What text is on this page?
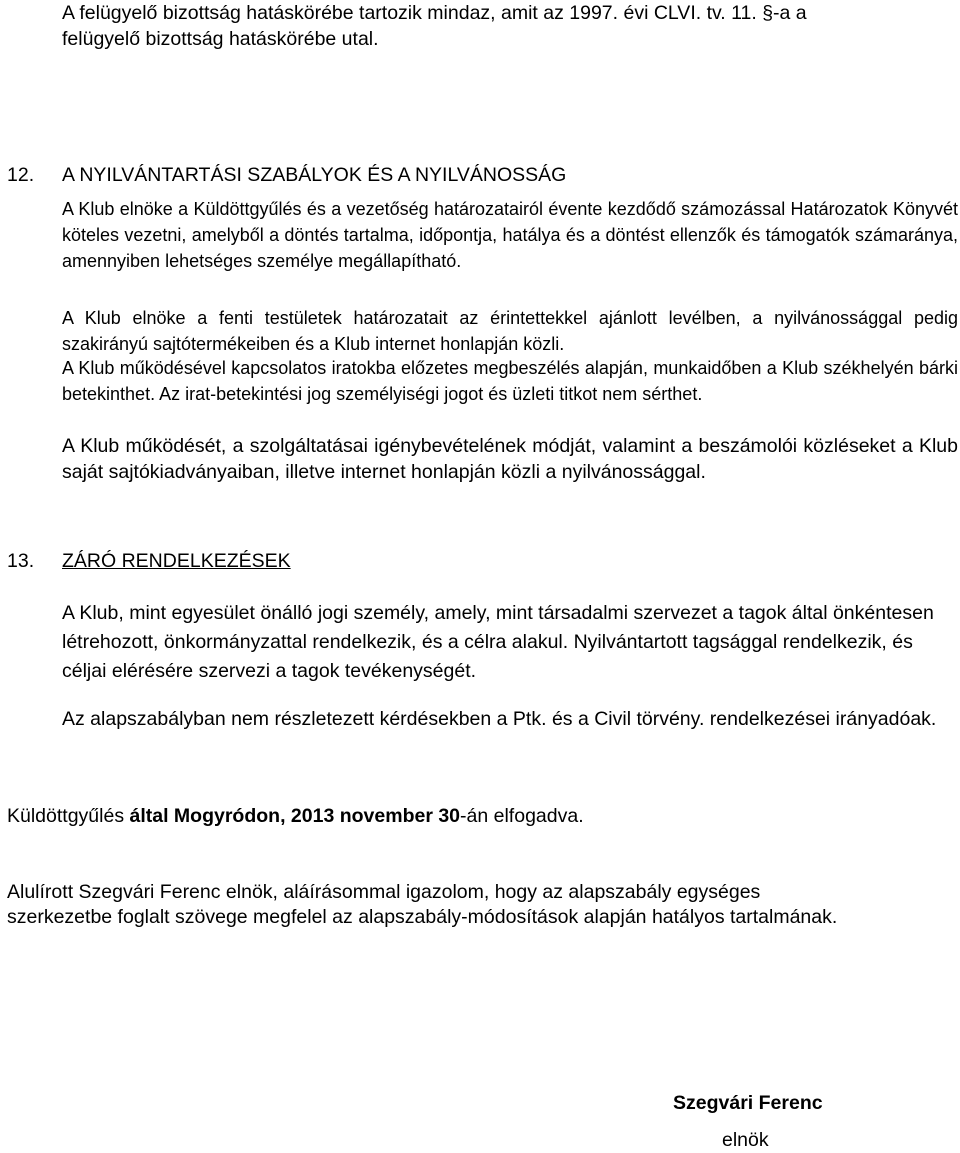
A felügyelő bizottság hatáskörébe tartozik mindaz, amit az 1997. évi CLVI. tv. 11. §-a a

felügyelő bizottság hatáskörébe utal.

12. A NYILVÁNTARTÁSI SZABÁLYOK ÉS A NYILVÁNOSSÁG

A Klub elnöke a Küldöttgyűlés és a vezetőség határozatairól évente kezdődő számozással Határozatok Könyvét köteles vezetni, amelyből a döntés tartalma, időpontja, hatálya és a döntést ellenzők és támogatók számaránya, amennyiben lehetséges személye megállapítható.

A Klub elnöke a fenti testületek határozatait az érintettekkel ajánlott levélben, a nyilvánossággal pedig szakirányú sajtótermékeiben és a Klub internet honlapján közli.

A Klub működésével kapcsolatos iratokba előzetes megbeszélés alapján, munkaidőben a Klub székhelyén bárki betekinthet. Az irat-betekintési jog személyiségi jogot és üzleti titkot nem sérthet.

A Klub működését, a szolgáltatásai igénybevételének módját, valamint a beszámolói közléseket a Klub saját sajtókiadványaiban, illetve internet honlapján közli a nyilvánossággal.

13. ZÁRÓ RENDELKEZÉSEK

A Klub, mint egyesület önálló jogi személy, amely, mint társadalmi szervezet a tagok által önkéntesen létrehozott, önkormányzattal rendelkezik, és a célra alakul. Nyilvántartott tagsággal rendelkezik, és céljai elérésére szervezi a tagok tevékenységét.

Az alapszabályban nem részletezett kérdésekben a Ptk. és a Civil törvény. rendelkezései irányadóak.

Küldöttgyűlés által Mogyródon, 2013 november 30-án elfogadva.

Alulírott Szegvári Ferenc elnök, aláírásommal igazolom, hogy az alapszabály egységes

szerkezetbe foglalt szövege megfelel az alapszabály-módosítások alapján hatályos tartalmának.

Szegvári Ferenc

elnök
